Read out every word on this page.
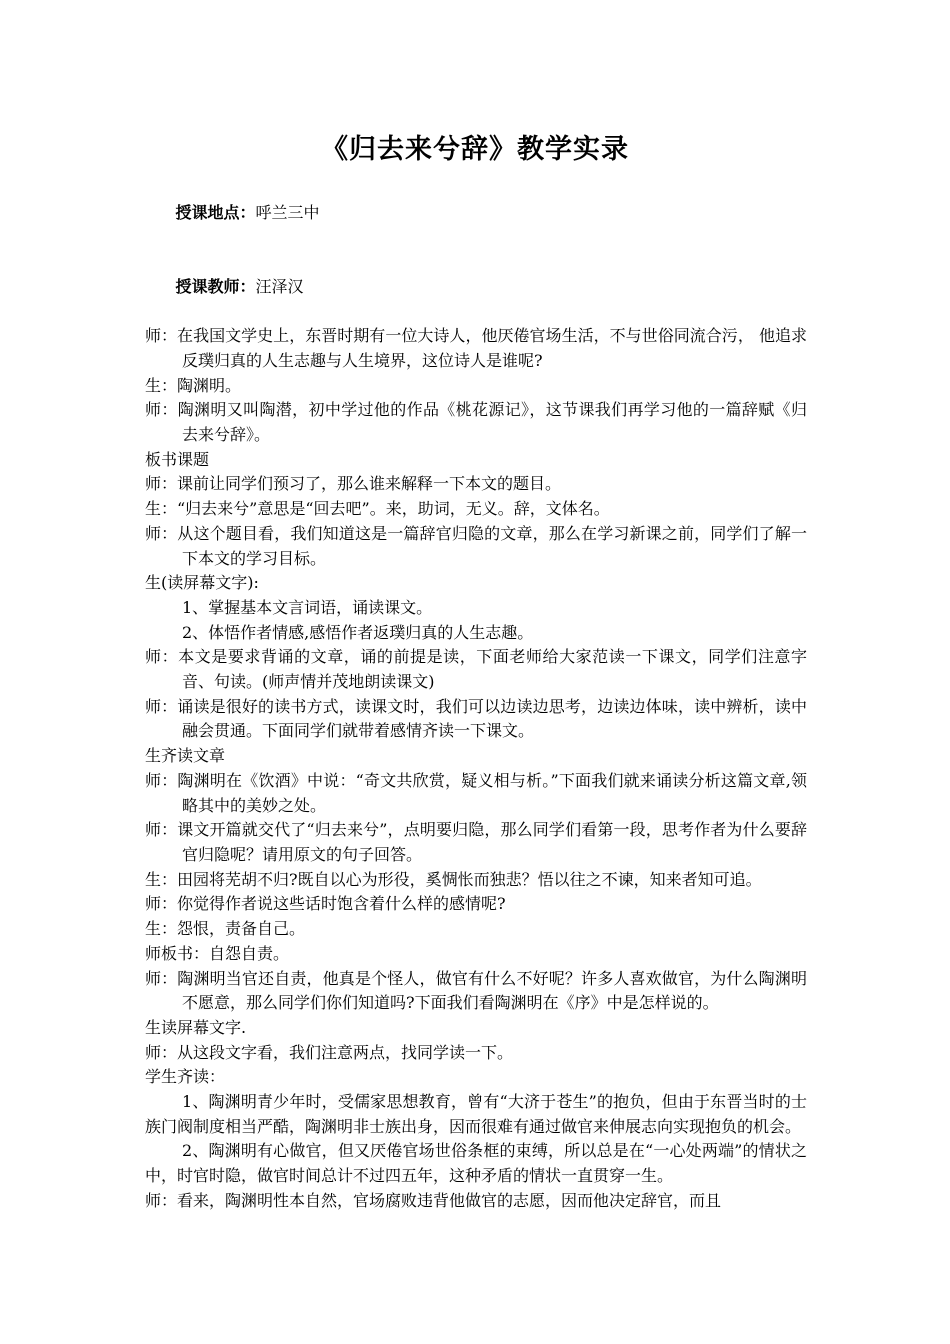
《归去来兮辞》教学实录

授课地点：呼兰三中

授课教师：汪泽汉

师：在我国文学史上，东晋时期有一位大诗人，他厌倦官场生活，不与世俗同流合污， 他追求反璞归真的人生志趣与人生境界，这位诗人是谁呢?
生：陶渊明。
师：陶渊明又叫陶潜，初中学过他的作品《桃花源记》，这节课我们再学习他的一篇辞赋《归去来兮辞》。
板书课题
师：课前让同学们预习了，那么谁来解释一下本文的题目。
生：“归去来兮”意思是“回去吧”。来，助词，无义。辞，文体名。
师：从这个题目看，我们知道这是一篇辞官归隐的文章，那么在学习新课之前，同学们了解一下本文的学习目标。
生(读屏幕文字):
1、掌握基本文言词语，诵读课文。
2、体悟作者情感,感悟作者返璞归真的人生志趣。
师：本文是要求背诵的文章，诵的前提是读，下面老师给大家范读一下课文，同学们注意字音、句读。(师声情并茂地朗读课文)
师：诵读是很好的读书方式，读课文时，我们可以边读边思考，边读边体味，读中辨析，读中融会贯通。下面同学们就带着感情齐读一下课文。
生齐读文章
师：陶渊明在《饮酒》中说：“奇文共欣赏，疑义相与析。”下面我们就来诵读分析这篇文章,领略其中的美妙之处。
师：课文开篇就交代了“归去来兮”，点明要归隐，那么同学们看第一段，思考作者为什么要辞官归隐呢？请用原文的句子回答。
生：田园将芜胡不归?既自以心为形役，奚惆怅而独悲？悟以往之不谏，知来者知可追。
师：你觉得作者说这些话时饱含着什么样的感情呢?
生：怨恨，责备自己。
师板书：自怨自责。
师：陶渊明当官还自责，他真是个怪人，做官有什么不好呢？许多人喜欢做官，为什么陶渊明不愿意，那么同学们你们知道吗?下面我们看陶渊明在《序》中是怎样说的。
生读屏幕文字.
师：从这段文字看，我们注意两点，找同学读一下。
学生齐读：
1、陶渊明青少年时，受儒家思想教育，曾有“大济于苍生”的抱负，但由于东晋当时的士族门阀制度相当严酷，陶渊明非士族出身，因而很难有通过做官来伸展志向实现抱负的机会。
2、陶渊明有心做官，但又厌倦官场世俗条框的束缚，所以总是在“一心处两端”的情状之中，时官时隐，做官时间总计不过四五年，这种矛盾的情状一直贯穿一生。
师：看来，陶渊明性本自然，官场腐败违背他做官的志愿，因而他决定辞官，而且
